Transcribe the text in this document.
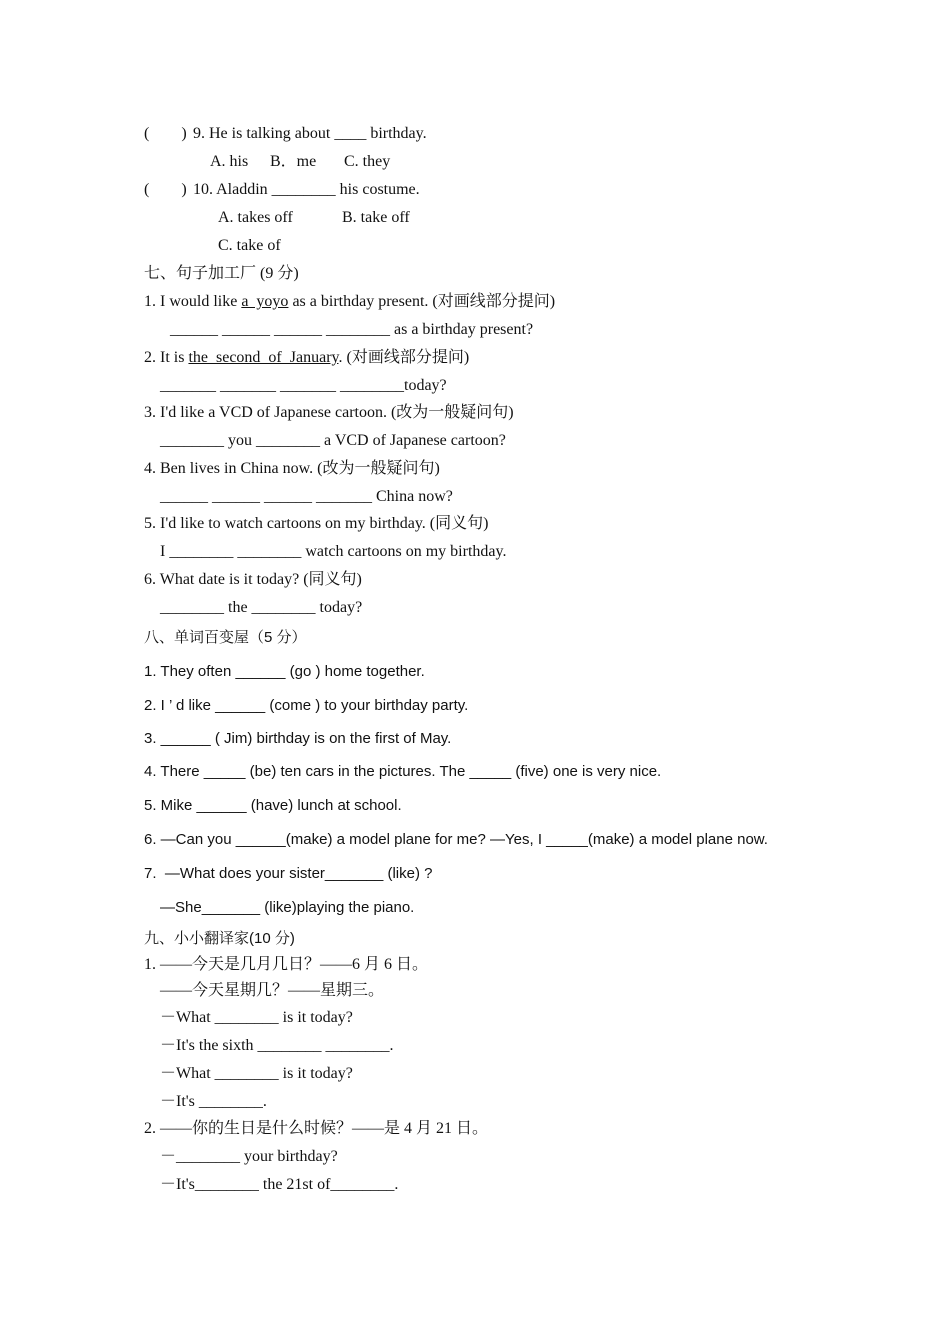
(        ) 9. He is talking about ____ birthday.
A. his B．me C. they
(        ) 10. Aladdin ________ his costume.
A. takes off	B. take off
C. take of
七、句子加工厂 (9 分)
1. I would like a  yoyo as a birthday present. (对画线部分提问)
______ ______ ______ ________ as a birthday present?
2. It is the  second  of  January. (对画线部分提问)
_______ _______ _______ ________today?
3. I'd like a VCD of Japanese cartoon. (改为一般疑问句)
________ you ________ a VCD of Japanese cartoon?
4. Ben lives in China now. (改为一般疑问句)
______ ______ ______ _______ China now?
5. I'd like to watch cartoons on my birthday. (同义句)
I ________ ________ watch cartoons on my birthday.
6. What date is it today? (同义句)
________ the ________ today?
八、单词百变屋（5 分）
1. They often ______ (go ) home together.
2. I ’ d like ______ (come ) to your birthday party.
3. ______ ( Jim) birthday is on the first of May.
4. There _____ (be) ten cars in the pictures. The _____ (five) one is very nice.
5. Mike ______ (have) lunch at school.
6. —Can you ______(make) a model plane for me? —Yes, I _____(make) a model plane now.
7.  —What does your sister_______ (like) ?
—She_______ (like)playing the piano.
九、小小翻译家(10 分)
1. ——今天是几月几日？——6 月 6 日。
——今天星期几？——星期三。
－What ________ is it today?
－It's the sixth ________ ________.
－What ________ is it today?
－It's ________.
2. ——你的生日是什么时候？——是 4 月 21 日。
－________ your birthday?
－It's________ the 21st of________.
